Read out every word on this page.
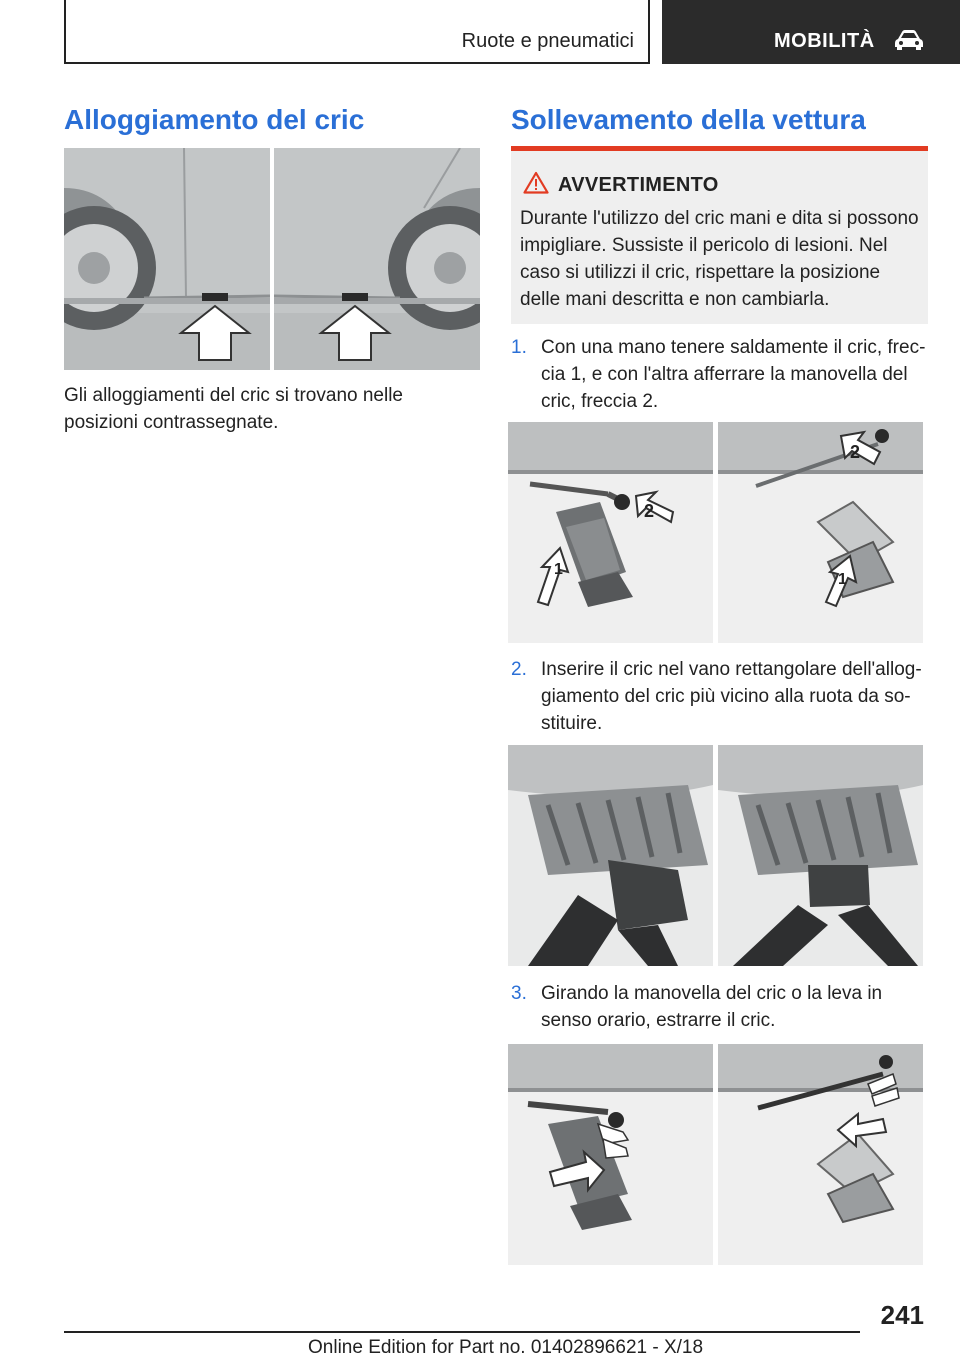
Ruote e pneumatici	MOBILITÀ
Alloggiamento del cric
Gli alloggiamenti del cric si trovano nelle posizioni contrassegnate.
Sollevamento della vettura
AVVERTIMENTO
Durante l'utilizzo del cric mani e dita si possono impigliare. Sussiste il pericolo di lesioni. Nel caso si utilizzi il cric, rispettare la posizione delle mani descritta e non cambiarla.
1. Con una mano tenere saldamente il cric, frec-cia 1, e con l'altra afferrare la manovella del cric, freccia 2.
2
1
2
1
2. Inserire il cric nel vano rettangolare dell'allog-giamento del cric più vicino alla ruota da so-stituire.
3. Girando la manovella del cric o la leva in senso orario, estrarre il cric.
241
Online Edition for Part no. 01402896621 - X/18
